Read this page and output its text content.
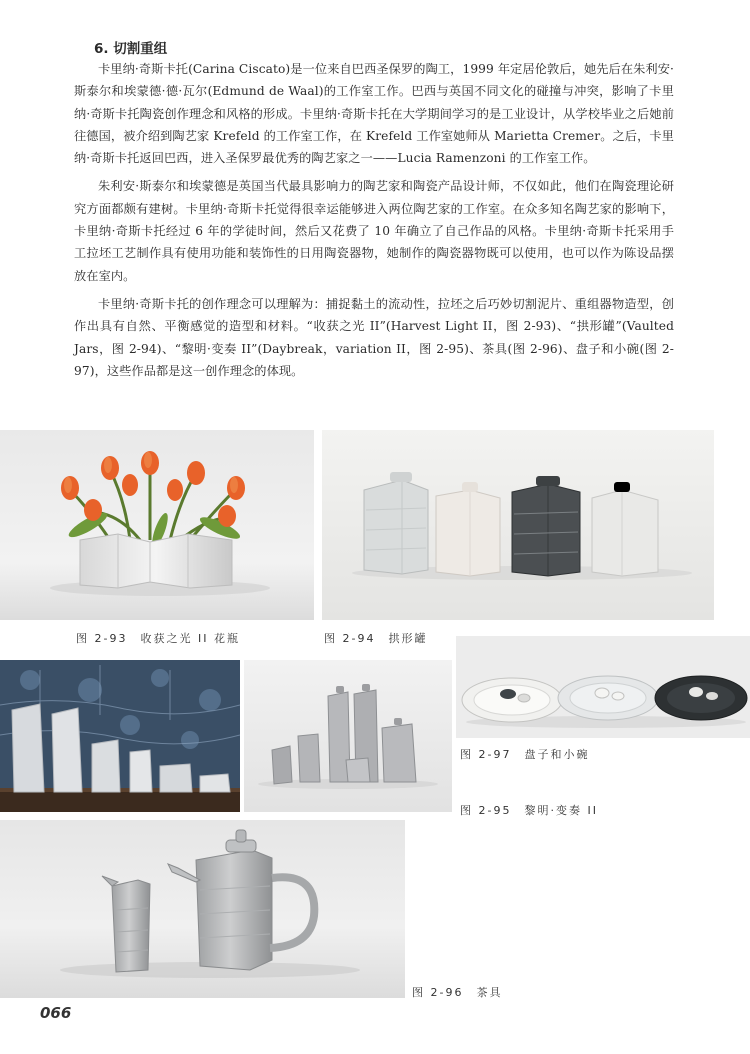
6. 切割重组

卡里纳·奇斯卡托(Carina Ciscato)是一位来自巴西圣保罗的陶工，1999 年定居伦敦后，她先后在朱利安·斯泰尔和埃蒙德·德·瓦尔(Edmund de Waal)的工作室工作。巴西与英国不同文化的碰撞与冲突，影响了卡里纳·奇斯卡托陶瓷创作理念和风格的形成。卡里纳·奇斯卡托在大学期间学习的是工业设计，从学校毕业之后她前往德国，被介绍到陶艺家 Krefeld 的工作室工作，在 Krefeld 工作室她师从 Marietta Cremer。之后，卡里纳·奇斯卡托返回巴西，进入圣保罗最优秀的陶艺家之一——Lucia Ramenzoni 的工作室工作。

朱利安·斯泰尔和埃蒙德是英国当代最具影响力的陶艺家和陶瓷产品设计师，不仅如此，他们在陶瓷理论研究方面都颇有建树。卡里纳·奇斯卡托觉得很幸运能够进入两位陶艺家的工作室。在众多知名陶艺家的影响下，卡里纳·奇斯卡托经过 6 年的学徒时间，然后又花费了 10 年确立了自己作品的风格。卡里纳·奇斯卡托采用手工拉坯工艺制作具有使用功能和装饰性的日用陶瓷器物，她制作的陶瓷器物既可以使用，也可以作为陈设品摆放在室内。

卡里纳·奇斯卡托的创作理念可以理解为：捕捉黏土的流动性，拉坯之后巧妙切割泥片、重组器物造型，创作出具有自然、平衡感觉的造型和材料。“收获之光 II”(Harvest Light II，图 2-93)、“拱形罐”(Vaulted Jars，图 2-94)、“黎明·变奏 II”(Daybreak，variation II，图 2-95)、茶具(图 2-96)、盘子和小碗(图 2-97)，这些作品都是这一创作理念的体现。

图 2-93　收获之光 II 花瓶	图 2-94　拱形罐
图 2-97　盘子和小碗
图 2-95　黎明·变奏 II
图 2-96　茶具
066
